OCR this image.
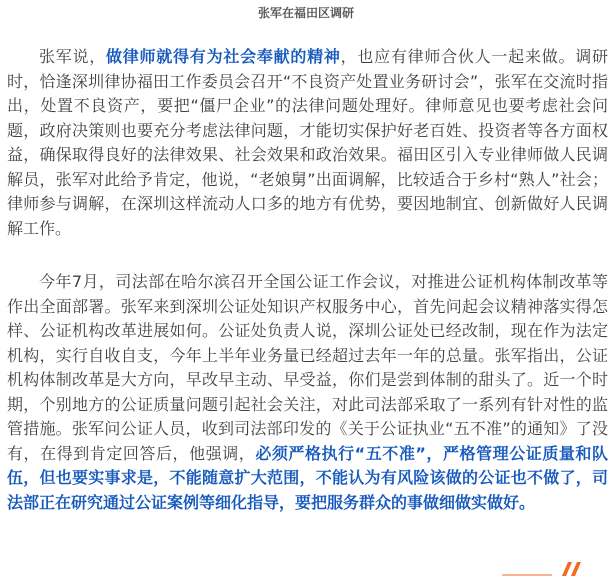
张军在福田区调研

张军说，做律师就得有为社会奉献的精神，也应有律师合伙人一起来做。调研时，恰逢深圳律协福田工作委员会召开“不良资产处置业务研讨会”，张军在交流时指出，处置不良资产，要把“僵尸企业”的法律问题处理好。律师意见也要考虑社会问题，政府决策则也要充分考虑法律问题，才能切实保护好老百姓、投资者等各方面权益，确保取得良好的法律效果、社会效果和政治效果。福田区引入专业律师做人民调解员，张军对此给予肯定，他说，“老娘舅”出面调解，比较适合于乡村“熟人”社会；律师参与调解，在深圳这样流动人口多的地方有优势，要因地制宜、创新做好人民调解工作。

今年7月，司法部在哈尔滨召开全国公证工作会议，对推进公证机构体制改革等作出全面部署。张军来到深圳公证处知识产权服务中心，首先问起会议精神落实得怎样、公证机构改革进展如何。公证处负责人说，深圳公证处已经改制，现在作为法定机构，实行自收自支，今年上半年业务量已经超过去年一年的总量。张军指出，公证机构体制改革是大方向，早改早主动、早受益，你们是尝到体制的甜头了。近一个时期，个别地方的公证质量问题引起社会关注，对此司法部采取了一系列有针对性的监管措施。张军问公证人员，收到司法部印发的《关于公证执业“五不准”的通知》了没有，在得到肯定回答后，他强调，必须严格执行“五不准”，严格管理公证质量和队伍，但也要实事求是，不能随意扩大范围，不能认为有风险该做的公证也不做了，司法部正在研究通过公证案例等细化指导，要把服务群众的事做细做实做好。
